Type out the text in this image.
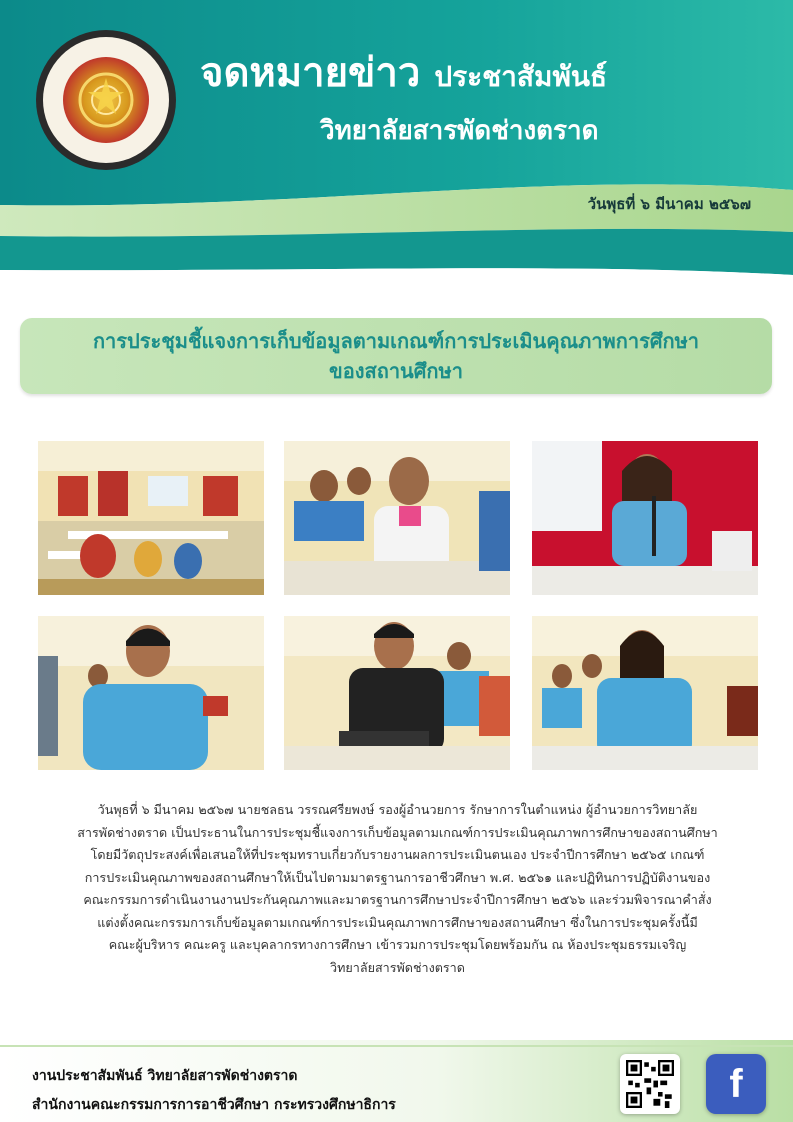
จดหมายข่าว ประชาสัมพันธ์
วิทยาลัยสารพัดช่างตราด
วันพุธที่ ๖ มีนาคม ๒๕๖๗
การประชุมชี้แจงการเก็บข้อมูลตามเกณฑ์การประเมินคุณภาพการศึกษา
ของสถานศึกษา

วันพุธที่ ๖ มีนาคม ๒๕๖๗ นายชลธน วรรณศรียพงษ์ รองผู้อำนวยการ รักษาการในตำแหน่ง ผู้อำนวยการวิทยาลัย

สารพัดช่างตราด เป็นประธานในการประชุมชี้แจงการเก็บข้อมูลตามเกณฑ์การประเมินคุณภาพการศึกษาของสถานศึกษา

โดยมีวัตถุประสงค์เพื่อเสนอให้ที่ประชุมทราบเกี่ยวกับรายงานผลการประเมินตนเอง ประจำปีการศึกษา ๒๕๖๕ เกณฑ์

การประเมินคุณภาพของสถานศึกษาให้เป็นไปตามมาตรฐานการอาชีวศึกษา พ.ศ. ๒๕๖๑ และปฏิทินการปฏิบัติงานของ

คณะกรรมการดำเนินงานงานประกันคุณภาพและมาตรฐานการศึกษาประจำปีการศึกษา ๒๕๖๖ และร่วมพิจารณาคำสั่ง

แต่งตั้งคณะกรรมการเก็บข้อมูลตามเกณฑ์การประเมินคุณภาพการศึกษาของสถานศึกษา ซึ่งในการประชุมครั้งนี้มี

คณะผู้บริหาร คณะครู และบุคลากรทางการศึกษา เข้ารวมการประชุมโดยพร้อมกัน ณ ห้องประชุมธรรมเจริญ

วิทยาลัยสารพัดช่างตราด

งานประชาสัมพันธ์ วิทยาลัยสารพัดช่างตราด
สำนักงานคณะกรรมการการอาชีวศึกษา กระทรวงศึกษาธิการ	f
